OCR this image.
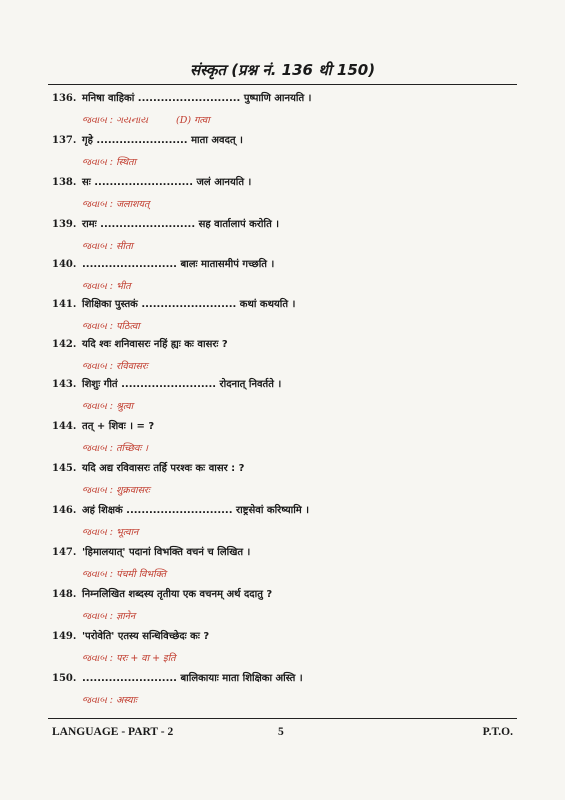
संस्कृत (प्रश्न नं. 136 थी 150)
136. मनिषा वाहिकां ........................... पुष्पाणि आनयति ।
જવાબ : ગયનાય	(D) गत्वा
137. गृहे ........................ माता अवदत् ।
જવાબ : स्थिता
138. सः .......................... जलं आनयति ।
જવાબ : जलाशयत्
139. रामः ......................... सह वार्तालापं करोति ।
જવાબ : सीता
140. ......................... बालः मातासमीपं गच्छति ।
જવાબ : भीत
141. शिक्षिका पुस्तकं ......................... कथां कथयति ।
જવાબ : पठित्वा
142. यदि श्वः शनिवासरः नहिं ह्यः कः वासरः ?
જવાબ : रविवासरः
143. शिशुः गीतं ......................... रोदनात् निवर्तते ।
જવાબ : श्रुत्वा
144. तत् + शिवः । = ?
જવાબ : तच्छिवः ।
145. यदि अद्य रविवासरः तर्हि परश्वः कः वासर : ?
જવાબ : शुक्रवासरः
146. अहं शिक्षकं ............................ राष्ट्रसेवां करिष्यामि ।
જવાબ : भूत्वान
147. 'हिमालयात्' पदानां विभक्ति वचनं च लिखित ।
જવાબ : पंचमी विभक्ति
148. निम्नलिखित शब्दस्य तृतीया एक वचनम् अर्थ ददातु ?
જવાબ : ज्ञानेन
149. 'परोवेति' एतस्य सन्धिविच्छेदः कः ?
જવાબ : परः + वा + इति
150. ......................... बालिकायाः माता शिक्षिका अस्ति ।
જવાબ : अस्याः
LANGUAGE - PART - 2	5	P.T.O.
